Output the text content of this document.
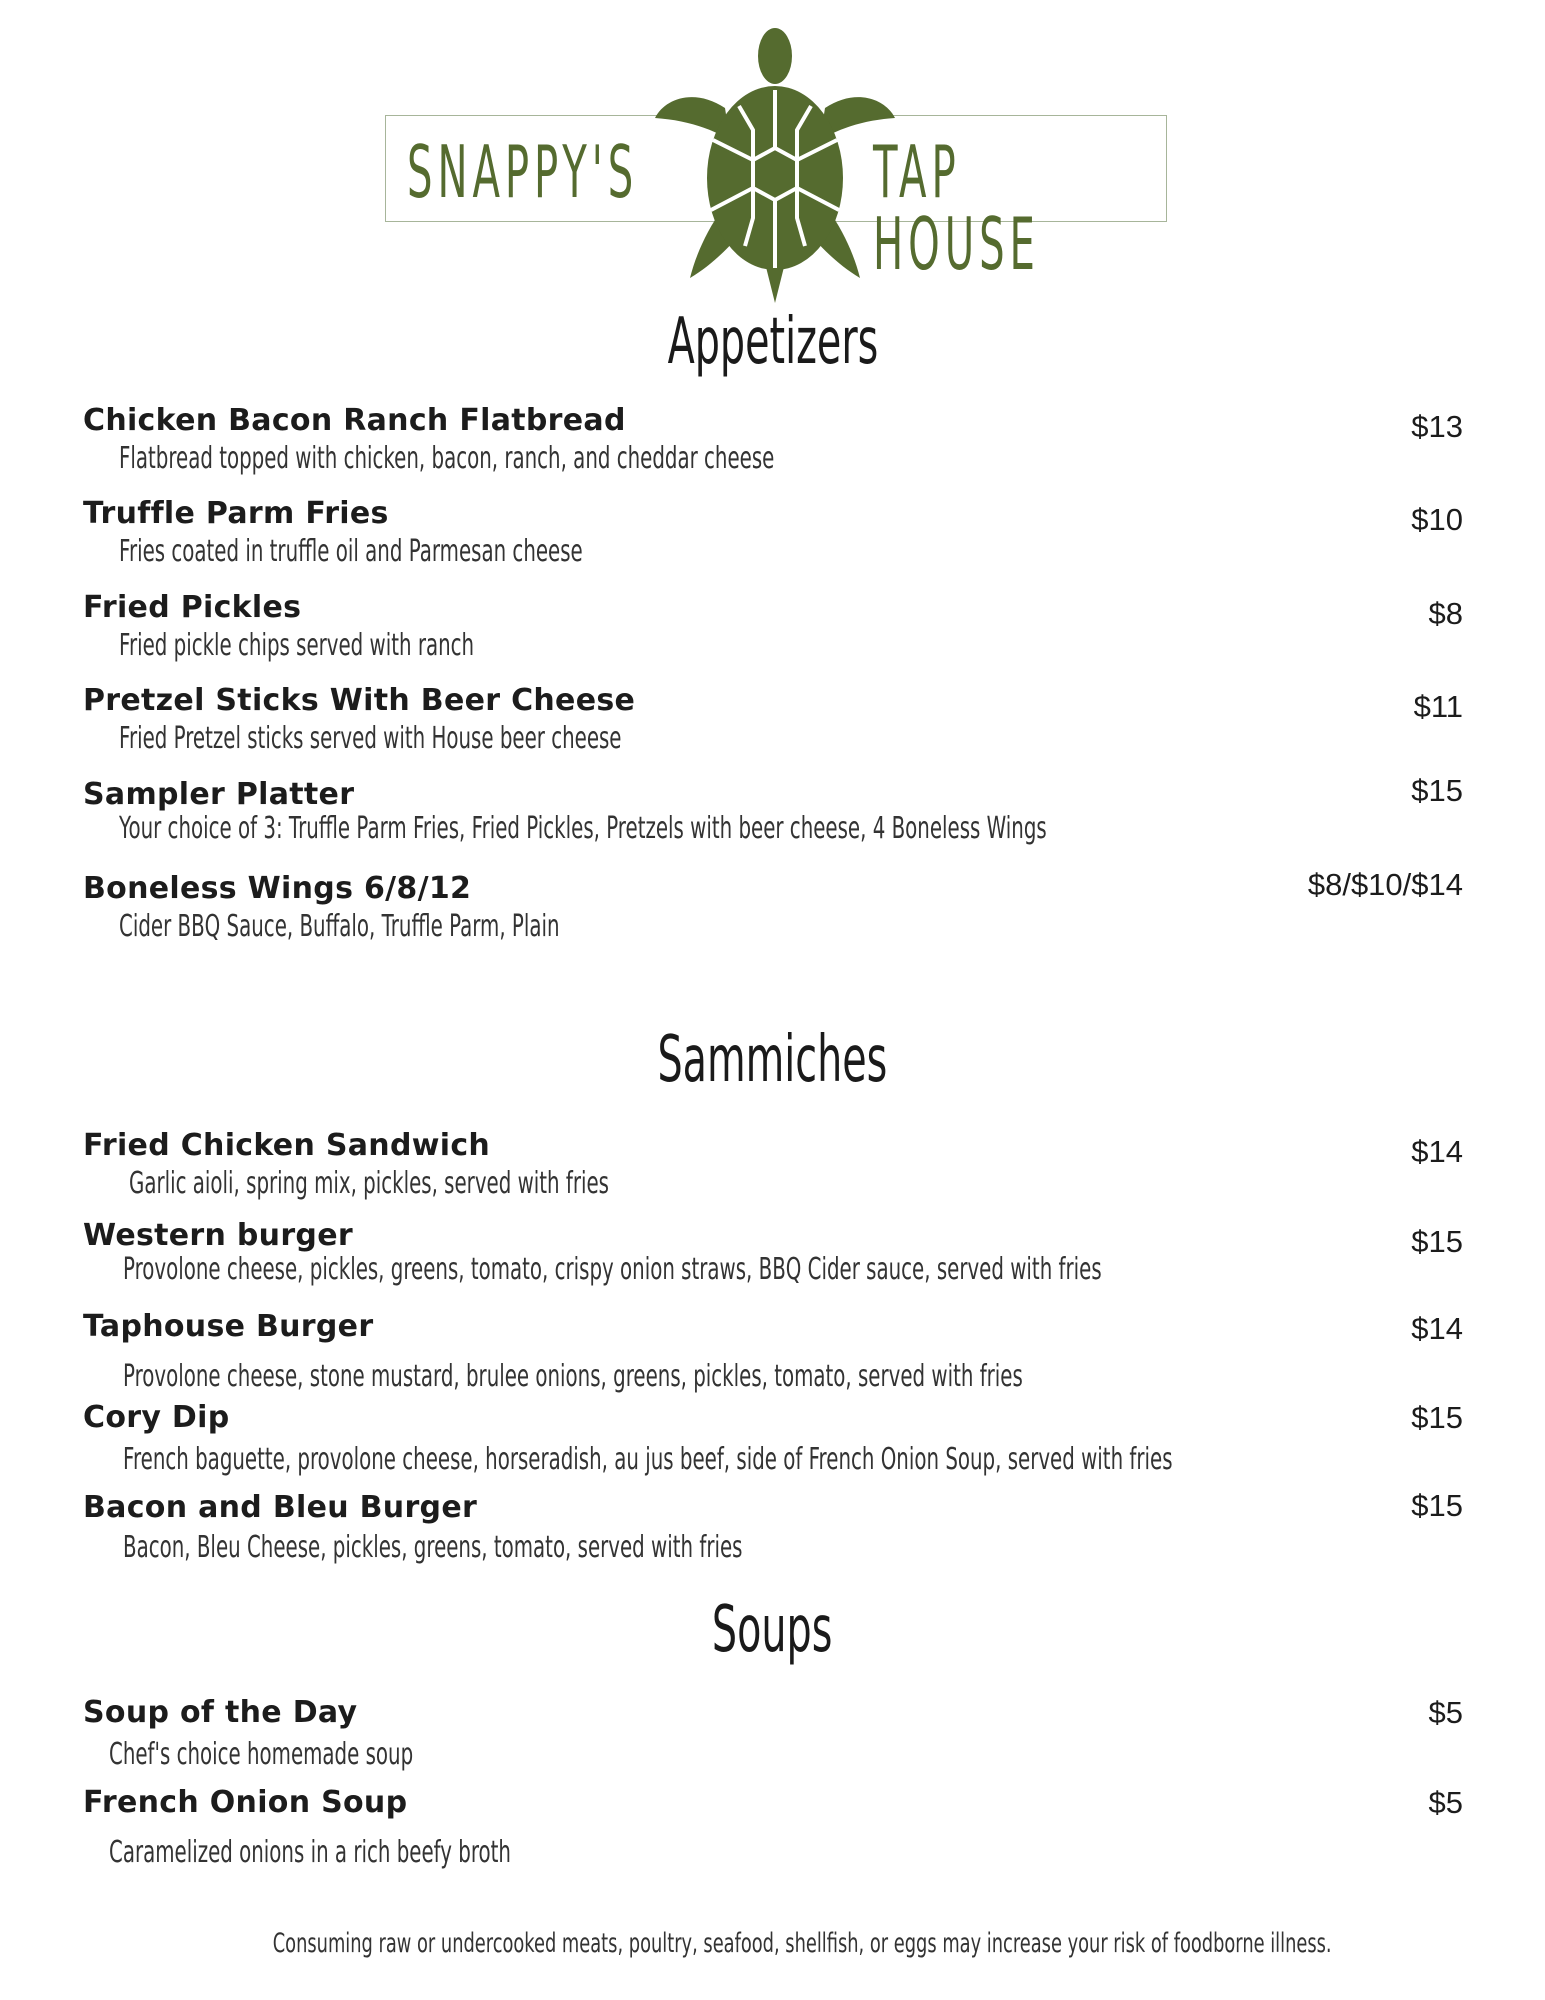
SNAPPY'S	TAP HOUSE
Appetizers
Chicken Bacon Ranch Flatbread
Flatbread topped with chicken, bacon, ranch, and cheddar cheese
$13
Truffle Parm Fries
Fries coated in truffle oil and Parmesan cheese
$10
Fried Pickles
Fried pickle chips served with ranch
$8
Pretzel Sticks With Beer Cheese
Fried Pretzel sticks served with House beer cheese
$11
Sampler Platter
Your choice of 3: Truffle Parm Fries, Fried Pickles, Pretzels with beer cheese, 4 Boneless Wings
$15
Boneless Wings 6/8/12
Cider BBQ Sauce, Buffalo, Truffle Parm, Plain
$8/$10/$14
Sammiches
Fried Chicken Sandwich
Garlic aioli, spring mix, pickles, served with fries
$14
Western burger
Provolone cheese, pickles, greens, tomato, crispy onion straws, BBQ Cider sauce, served with fries
$15
Taphouse Burger
Provolone cheese, stone mustard, brulee onions, greens, pickles, tomato, served with fries
$14
Cory Dip
French baguette, provolone cheese, horseradish, au jus beef, side of French Onion Soup, served with fries
$15
Bacon and Bleu Burger
Bacon, Bleu Cheese, pickles, greens, tomato, served with fries
$15
Soups
Soup of the Day
Chef's choice homemade soup
$5
French Onion Soup
Caramelized onions in a rich beefy broth
$5
Consuming raw or undercooked meats, poultry, seafood, shellfish, or eggs may increase your risk of foodborne illness.
